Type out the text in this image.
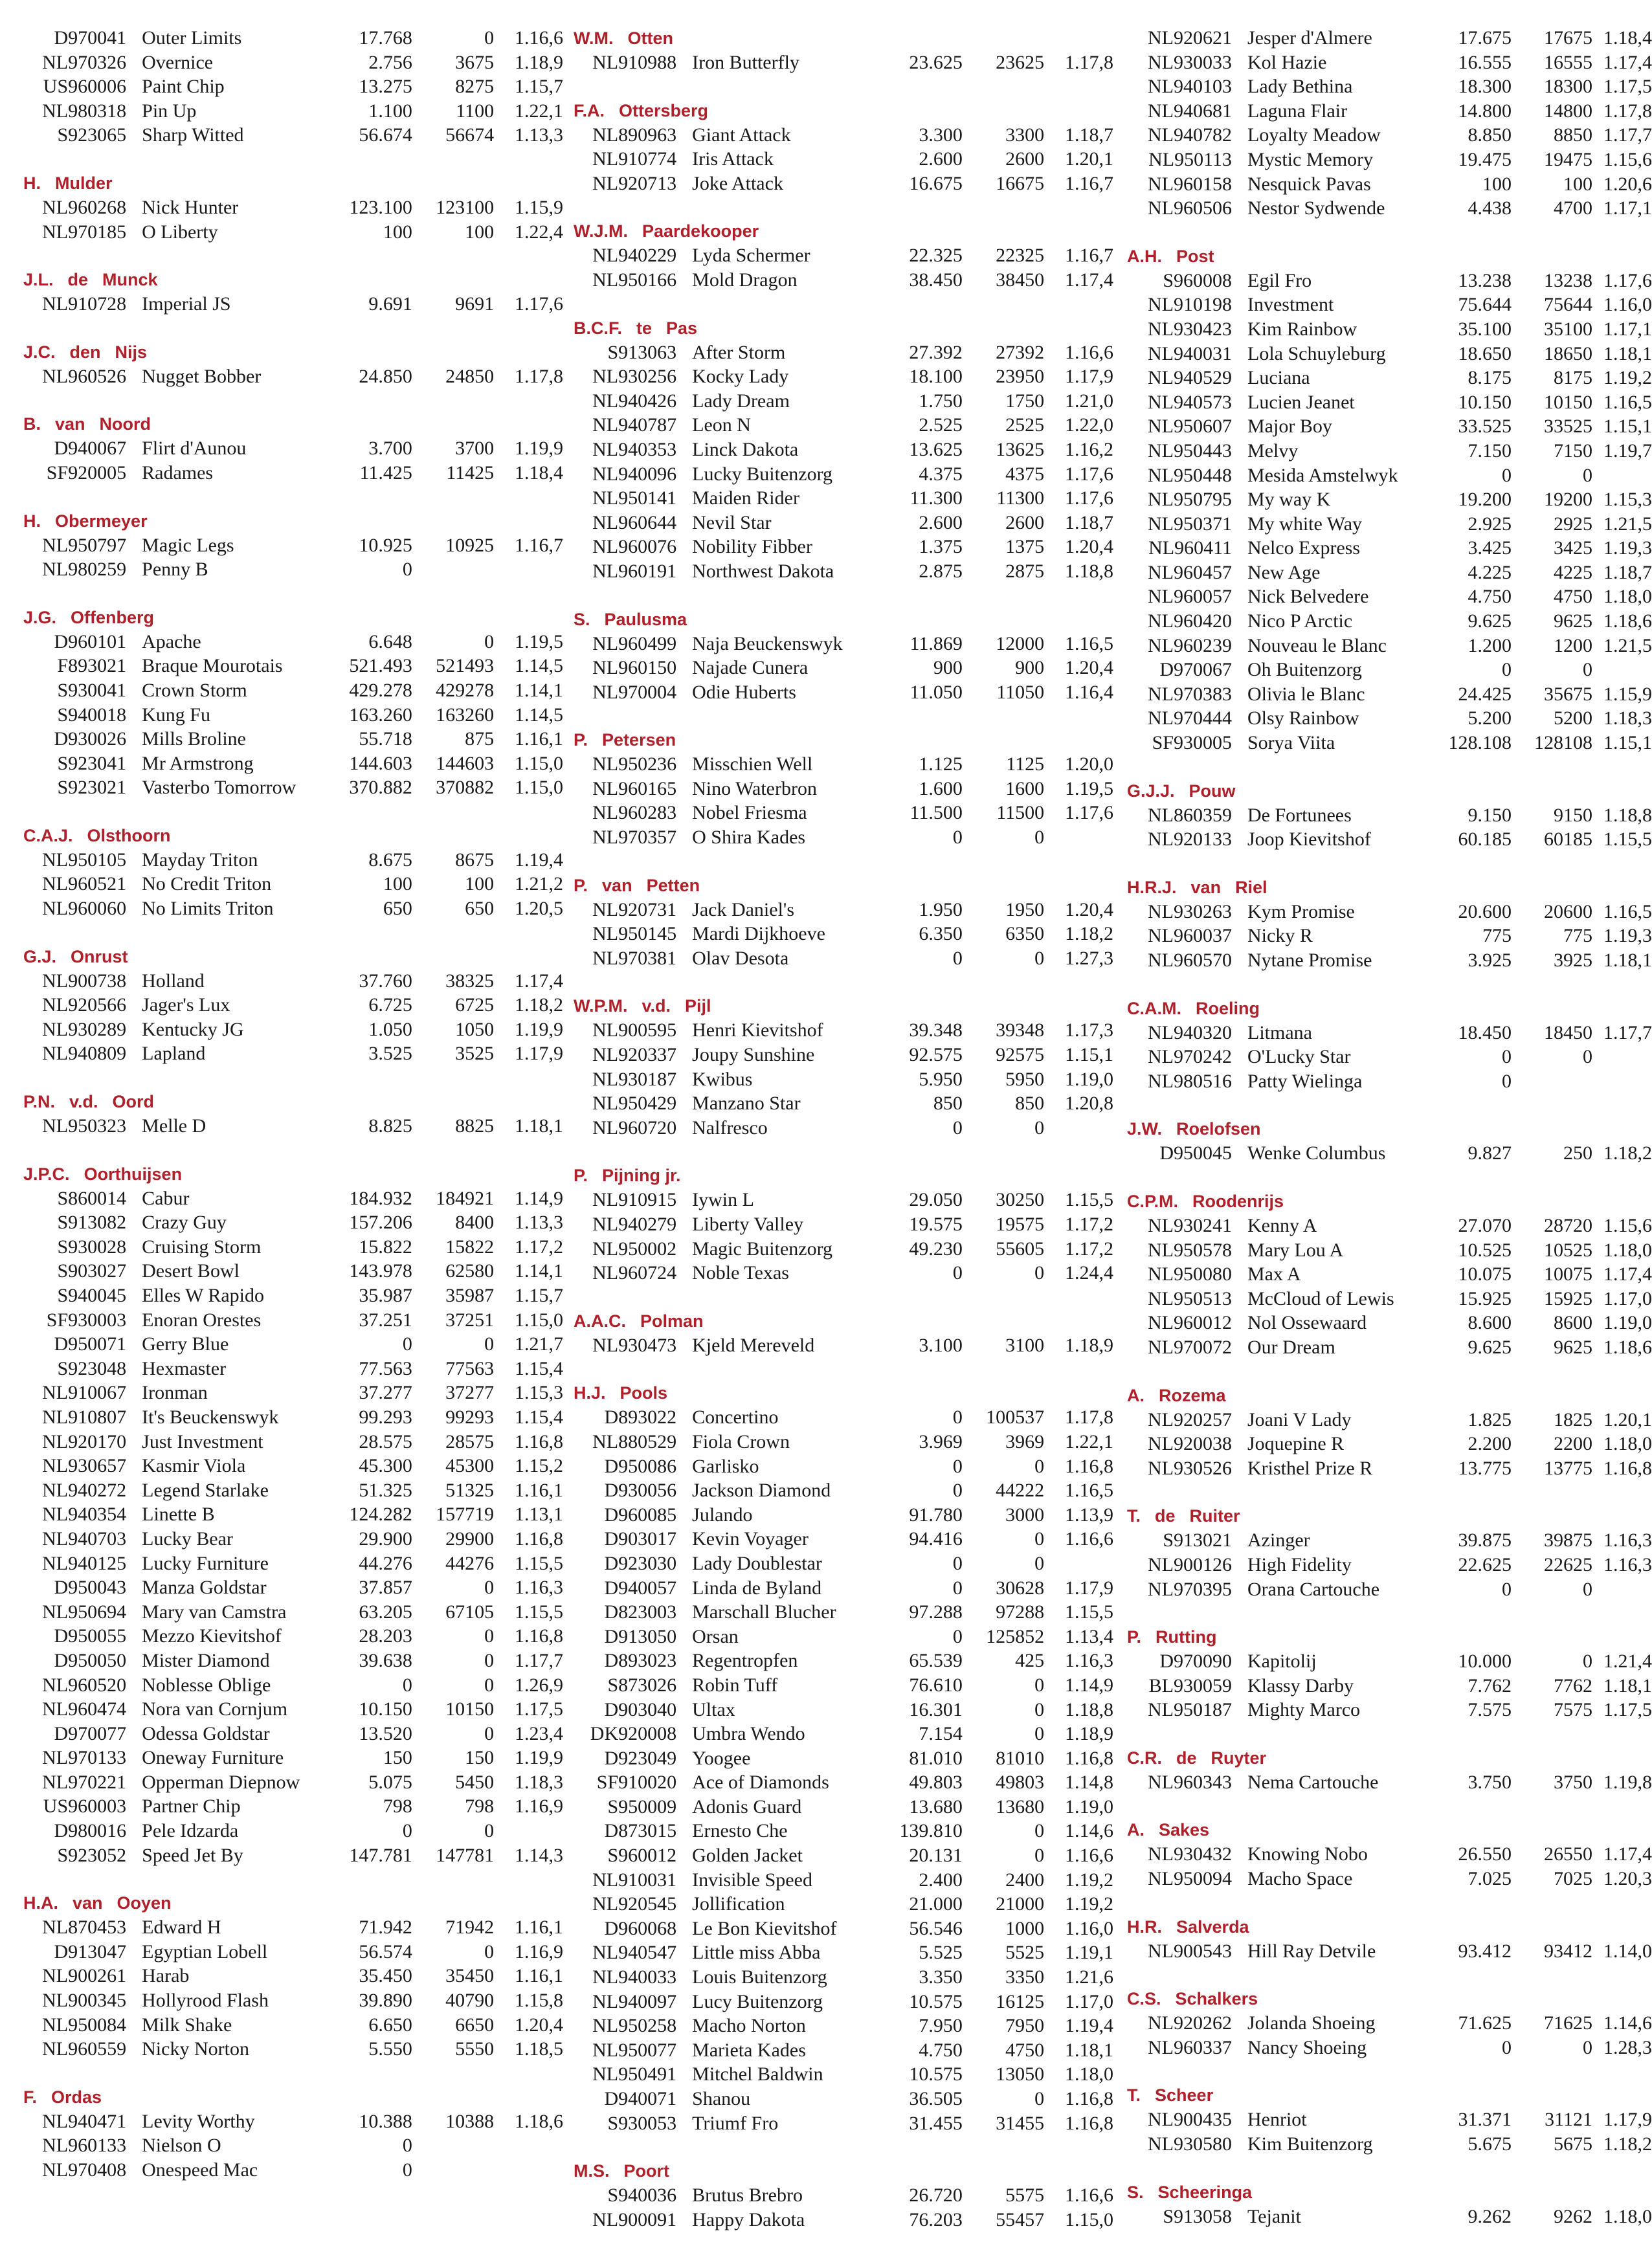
D970041 Outer Limits	17.768	0	1.16,6
NL970326 Overnice	2.756	3675	1.18,9
US960006 Paint Chip	13.275	8275	1.15,7
NL980318 Pin Up	1.100	1100	1.22,1
S923065 Sharp Witted	56.674	56674	1.13,3
H. Mulder
NL960268 Nick Hunter	123.100	123100	1.15,9
NL970185 O Liberty	100	100	1.22,4
J.L. de Munck
NL910728 Imperial JS	9.691	9691	1.17,6
J.C. den Nijs
NL960526 Nugget Bobber	24.850	24850	1.17,8
B. van Noord
D940067 Flirt d'Aunou	3.700	3700	1.19,9
SF920005 Radames	11.425	11425	1.18,4
H. Obermeyer
NL950797 Magic Legs	10.925	10925	1.16,7
NL980259 Penny B	0
J.G. Offenberg
D960101 Apache	6.648	0	1.19,5
F893021 Braque Mourotais	521.493	521493	1.14,5
S930041 Crown Storm	429.278	429278	1.14,1
S940018 Kung Fu	163.260	163260	1.14,5
D930026 Mills Broline	55.718	875	1.16,1
S923041 Mr Armstrong	144.603	144603	1.15,0
S923021 Vasterbo Tomorrow	370.882	370882	1.15,0
C.A.J. Olsthoorn
NL950105 Mayday Triton	8.675	8675	1.19,4
NL960521 No Credit Triton	100	100	1.21,2
NL960060 No Limits Triton	650	650	1.20,5
G.J. Onrust
NL900738 Holland	37.760	38325	1.17,4
NL920566 Jager's Lux	6.725	6725	1.18,2
NL930289 Kentucky JG	1.050	1050	1.19,9
NL940809 Lapland	3.525	3525	1.17,9
P.N. v.d. Oord
NL950323 Melle D	8.825	8825	1.18,1
J.P.C. Oorthuijsen
S860014 Cabur	184.932	184921	1.14,9
S913082 Crazy Guy	157.206	8400	1.13,3
S930028 Cruising Storm	15.822	15822	1.17,2
S903027 Desert Bowl	143.978	62580	1.14,1
S940045 Elles W Rapido	35.987	35987	1.15,7
SF930003 Enoran Orestes	37.251	37251	1.15,0
D950071 Gerry Blue	0	0	1.21,7
S923048 Hexmaster	77.563	77563	1.15,4
NL910067 Ironman	37.277	37277	1.15,3
NL910807 It's Beuckenswyk	99.293	99293	1.15,4
NL920170 Just Investment	28.575	28575	1.16,8
NL930657 Kasmir Viola	45.300	45300	1.15,2
NL940272 Legend Starlake	51.325	51325	1.16,1
NL940354 Linette B	124.282	157719	1.13,1
NL940703 Lucky Bear	29.900	29900	1.16,8
NL940125 Lucky Furniture	44.276	44276	1.15,5
D950043 Manza Goldstar	37.857	0	1.16,3
NL950694 Mary van Camstra	63.205	67105	1.15,5
D950055 Mezzo Kievitshof	28.203	0	1.16,8
D950050 Mister Diamond	39.638	0	1.17,7
NL960520 Noblesse Oblige	0	0	1.26,9
NL960474 Nora van Cornjum	10.150	10150	1.17,5
D970077 Odessa Goldstar	13.520	0	1.23,4
NL970133 Oneway Furniture	150	150	1.19,9
NL970221 Opperman Diepnow	5.075	5450	1.18,3
US960003 Partner Chip	798	798	1.16,9
D980016 Pele Idzarda	0	0
S923052 Speed Jet By	147.781	147781	1.14,3
H.A. van Ooyen
NL870453 Edward H	71.942	71942	1.16,1
D913047 Egyptian Lobell	56.574	0	1.16,9
NL900261 Harab	35.450	35450	1.16,1
NL900345 Hollyrood Flash	39.890	40790	1.15,8
NL950084 Milk Shake	6.650	6650	1.20,4
NL960559 Nicky Norton	5.550	5550	1.18,5
F. Ordas
NL940471 Levity Worthy	10.388	10388	1.18,6
NL960133 Nielson O	0
NL970408 Onespeed Mac	0
W.M. Otten
NL910988 Iron Butterfly	23.625	23625	1.17,8
F.A. Ottersberg
NL890963 Giant Attack	3.300	3300	1.18,7
NL910774 Iris Attack	2.600	2600	1.20,1
NL920713 Joke Attack	16.675	16675	1.16,7
W.J.M. Paardekooper
NL940229 Lyda Schermer	22.325	22325	1.16,7
NL950166 Mold Dragon	38.450	38450	1.17,4
B.C.F. te Pas
S913063 After Storm	27.392	27392	1.16,6
NL930256 Kocky Lady	18.100	23950	1.17,9
NL940426 Lady Dream	1.750	1750	1.21,0
NL940787 Leon N	2.525	2525	1.22,0
NL940353 Linck Dakota	13.625	13625	1.16,2
NL940096 Lucky Buitenzorg	4.375	4375	1.17,6
NL950141 Maiden Rider	11.300	11300	1.17,6
NL960644 Nevil Star	2.600	2600	1.18,7
NL960076 Nobility Fibber	1.375	1375	1.20,4
NL960191 Northwest Dakota	2.875	2875	1.18,8
S. Paulusma
NL960499 Naja Beuckenswyk	11.869	12000	1.16,5
NL960150 Najade Cunera	900	900	1.20,4
NL970004 Odie Huberts	11.050	11050	1.16,4
P. Petersen
NL950236 Misschien Well	1.125	1125	1.20,0
NL960165 Nino Waterbron	1.600	1600	1.19,5
NL960283 Nobel Friesma	11.500	11500	1.17,6
NL970357 O Shira Kades	0	0
P. van Petten
NL920731 Jack Daniel's	1.950	1950	1.20,4
NL950145 Mardi Dijkhoeve	6.350	6350	1.18,2
NL970381 Olav Desota	0	0	1.27,3
W.P.M. v.d. Pijl
NL900595 Henri Kievitshof	39.348	39348	1.17,3
NL920337 Joupy Sunshine	92.575	92575	1.15,1
NL930187 Kwibus	5.950	5950	1.19,0
NL950429 Manzano Star	850	850	1.20,8
NL960720 Nalfresco	0	0
P. Pijning jr.
NL910915 Iywin L	29.050	30250	1.15,5
NL940279 Liberty Valley	19.575	19575	1.17,2
NL950002 Magic Buitenzorg	49.230	55605	1.17,2
NL960724 Noble Texas	0	0	1.24,4
A.A.C. Polman
NL930473 Kjeld Mereveld	3.100	3100	1.18,9
H.J. Pools
D893022 Concertino	0	100537	1.17,8
NL880529 Fiola Crown	3.969	3969	1.22,1
D950086 Garlisko	0	0	1.16,8
D930056 Jackson Diamond	0	44222	1.16,5
D960085 Julando	91.780	3000	1.13,9
D903017 Kevin Voyager	94.416	0	1.16,6
D923030 Lady Doublestar	0	0
D940057 Linda de Byland	0	30628	1.17,9
D823003 Marschall Blucher	97.288	97288	1.15,5
D913050 Orsan	0	125852	1.13,4
D893023 Regentropfen	65.539	425	1.16,3
S873026 Robin Tuff	76.610	0	1.14,9
D903040 Ultax	16.301	0	1.18,8
DK920008 Umbra Wendo	7.154	0	1.18,9
D923049 Yoogee	81.010	81010	1.16,8
SF910020 Ace of Diamonds	49.803	49803	1.14,8
S950009 Adonis Guard	13.680	13680	1.19,0
D873015 Ernesto Che	139.810	0	1.14,6
S960012 Golden Jacket	20.131	0	1.16,6
NL910031 Invisible Speed	2.400	2400	1.19,2
NL920545 Jollification	21.000	21000	1.19,2
D960068 Le Bon Kievitshof	56.546	1000	1.16,0
NL940547 Little miss Abba	5.525	5525	1.19,1
NL940033 Louis Buitenzorg	3.350	3350	1.21,6
NL940097 Lucy Buitenzorg	10.575	16125	1.17,0
NL950258 Macho Norton	7.950	7950	1.19,4
NL950077 Marieta Kades	4.750	4750	1.18,1
NL950491 Mitchel Baldwin	10.575	13050	1.18,0
D940071 Shanou	36.505	0	1.16,8
S930053 Triumf Fro	31.455	31455	1.16,8
M.S. Poort
S940036 Brutus Brebro	26.720	5575	1.16,6
NL900091 Happy Dakota	76.203	55457	1.15,0
NL920621 Jesper d'Almere	17.675	17675 1.18,4
NL930033 Kol Hazie	16.555	16555 1.17,4
NL940103 Lady Bethina	18.300	18300 1.17,5
NL940681 Laguna Flair	14.800	14800 1.17,8
NL940782 Loyalty Meadow	8.850	8850 1.17,7
NL950113 Mystic Memory	19.475	19475 1.15,6
NL960158 Nesquick Pavas	100	100 1.20,6
NL960506 Nestor Sydwende	4.438	4700 1.17,1
A.H. Post
S960008 Egil Fro	13.238	13238 1.17,6
NL910198 Investment	75.644	75644 1.16,0
NL930423 Kim Rainbow	35.100	35100 1.17,1
NL940031 Lola Schuyleburg	18.650	18650 1.18,1
NL940529 Luciana	8.175	8175 1.19,2
NL940573 Lucien Jeanet	10.150	10150 1.16,5
NL950607 Major Boy	33.525	33525 1.15,1
NL950443 Melvy	7.150	7150 1.19,7
NL950448 Mesida Amstelwyk	0	0
NL950795 My way K	19.200	19200 1.15,3
NL950371 My white Way	2.925	2925 1.21,5
NL960411 Nelco Express	3.425	3425 1.19,3
NL960457 New Age	4.225	4225 1.18,7
NL960057 Nick Belvedere	4.750	4750 1.18,0
NL960420 Nico P Arctic	9.625	9625 1.18,6
NL960239 Nouveau le Blanc	1.200	1200 1.21,5
D970067 Oh Buitenzorg	0	0
NL970383 Olivia le Blanc	24.425	35675 1.15,9
NL970444 Olsy Rainbow	5.200	5200 1.18,3
SF930005 Sorya Viita	128.108	128108 1.15,1
G.J.J. Pouw
NL860359 De Fortunees	9.150	9150 1.18,8
NL920133 Joop Kievitshof	60.185	60185 1.15,5
H.R.J. van Riel
NL930263 Kym Promise	20.600	20600 1.16,5
NL960037 Nicky R	775	775 1.19,3
NL960570 Nytane Promise	3.925	3925 1.18,1
C.A.M. Roeling
NL940320 Litmana	18.450	18450 1.17,7
NL970242 O'Lucky Star	0	0
NL980516 Patty Wielinga	0
J.W. Roelofsen
D950045 Wenke Columbus	9.827	250 1.18,2
C.P.M. Roodenrijs
NL930241 Kenny A	27.070	28720 1.15,6
NL950578 Mary Lou A	10.525	10525 1.18,0
NL950080 Max A	10.075	10075 1.17,4
NL950513 McCloud of Lewis	15.925	15925 1.17,0
NL960012 Nol Ossewaard	8.600	8600 1.19,0
NL970072 Our Dream	9.625	9625 1.18,6
A. Rozema
NL920257 Joani V Lady	1.825	1825 1.20,1
NL920038 Joquepine R	2.200	2200 1.18,0
NL930526 Kristhel Prize R	13.775	13775 1.16,8
T. de Ruiter
S913021 Azinger	39.875	39875 1.16,3
NL900126 High Fidelity	22.625	22625 1.16,3
NL970395 Orana Cartouche	0	0
P. Rutting
D970090 Kapitolij	10.000	0 1.21,4
BL930059 Klassy Darby	7.762	7762 1.18,1
NL950187 Mighty Marco	7.575	7575 1.17,5
C.R. de Ruyter
NL960343 Nema Cartouche	3.750	3750 1.19,8
A. Sakes
NL930432 Knowing Nobo	26.550	26550 1.17,4
NL950094 Macho Space	7.025	7025 1.20,3
H.R. Salverda
NL900543 Hill Ray Detvile	93.412	93412 1.14,0
C.S. Schalkers
NL920262 Jolanda Shoeing	71.625	71625 1.14,6
NL960337 Nancy Shoeing	0	0 1.28,3
T. Scheer
NL900435 Henriot	31.371	31121 1.17,9
NL930580 Kim Buitenzorg	5.675	5675 1.18,2
S. Scheeringa
S913058 Tejanit	9.262	9262 1.18,0
